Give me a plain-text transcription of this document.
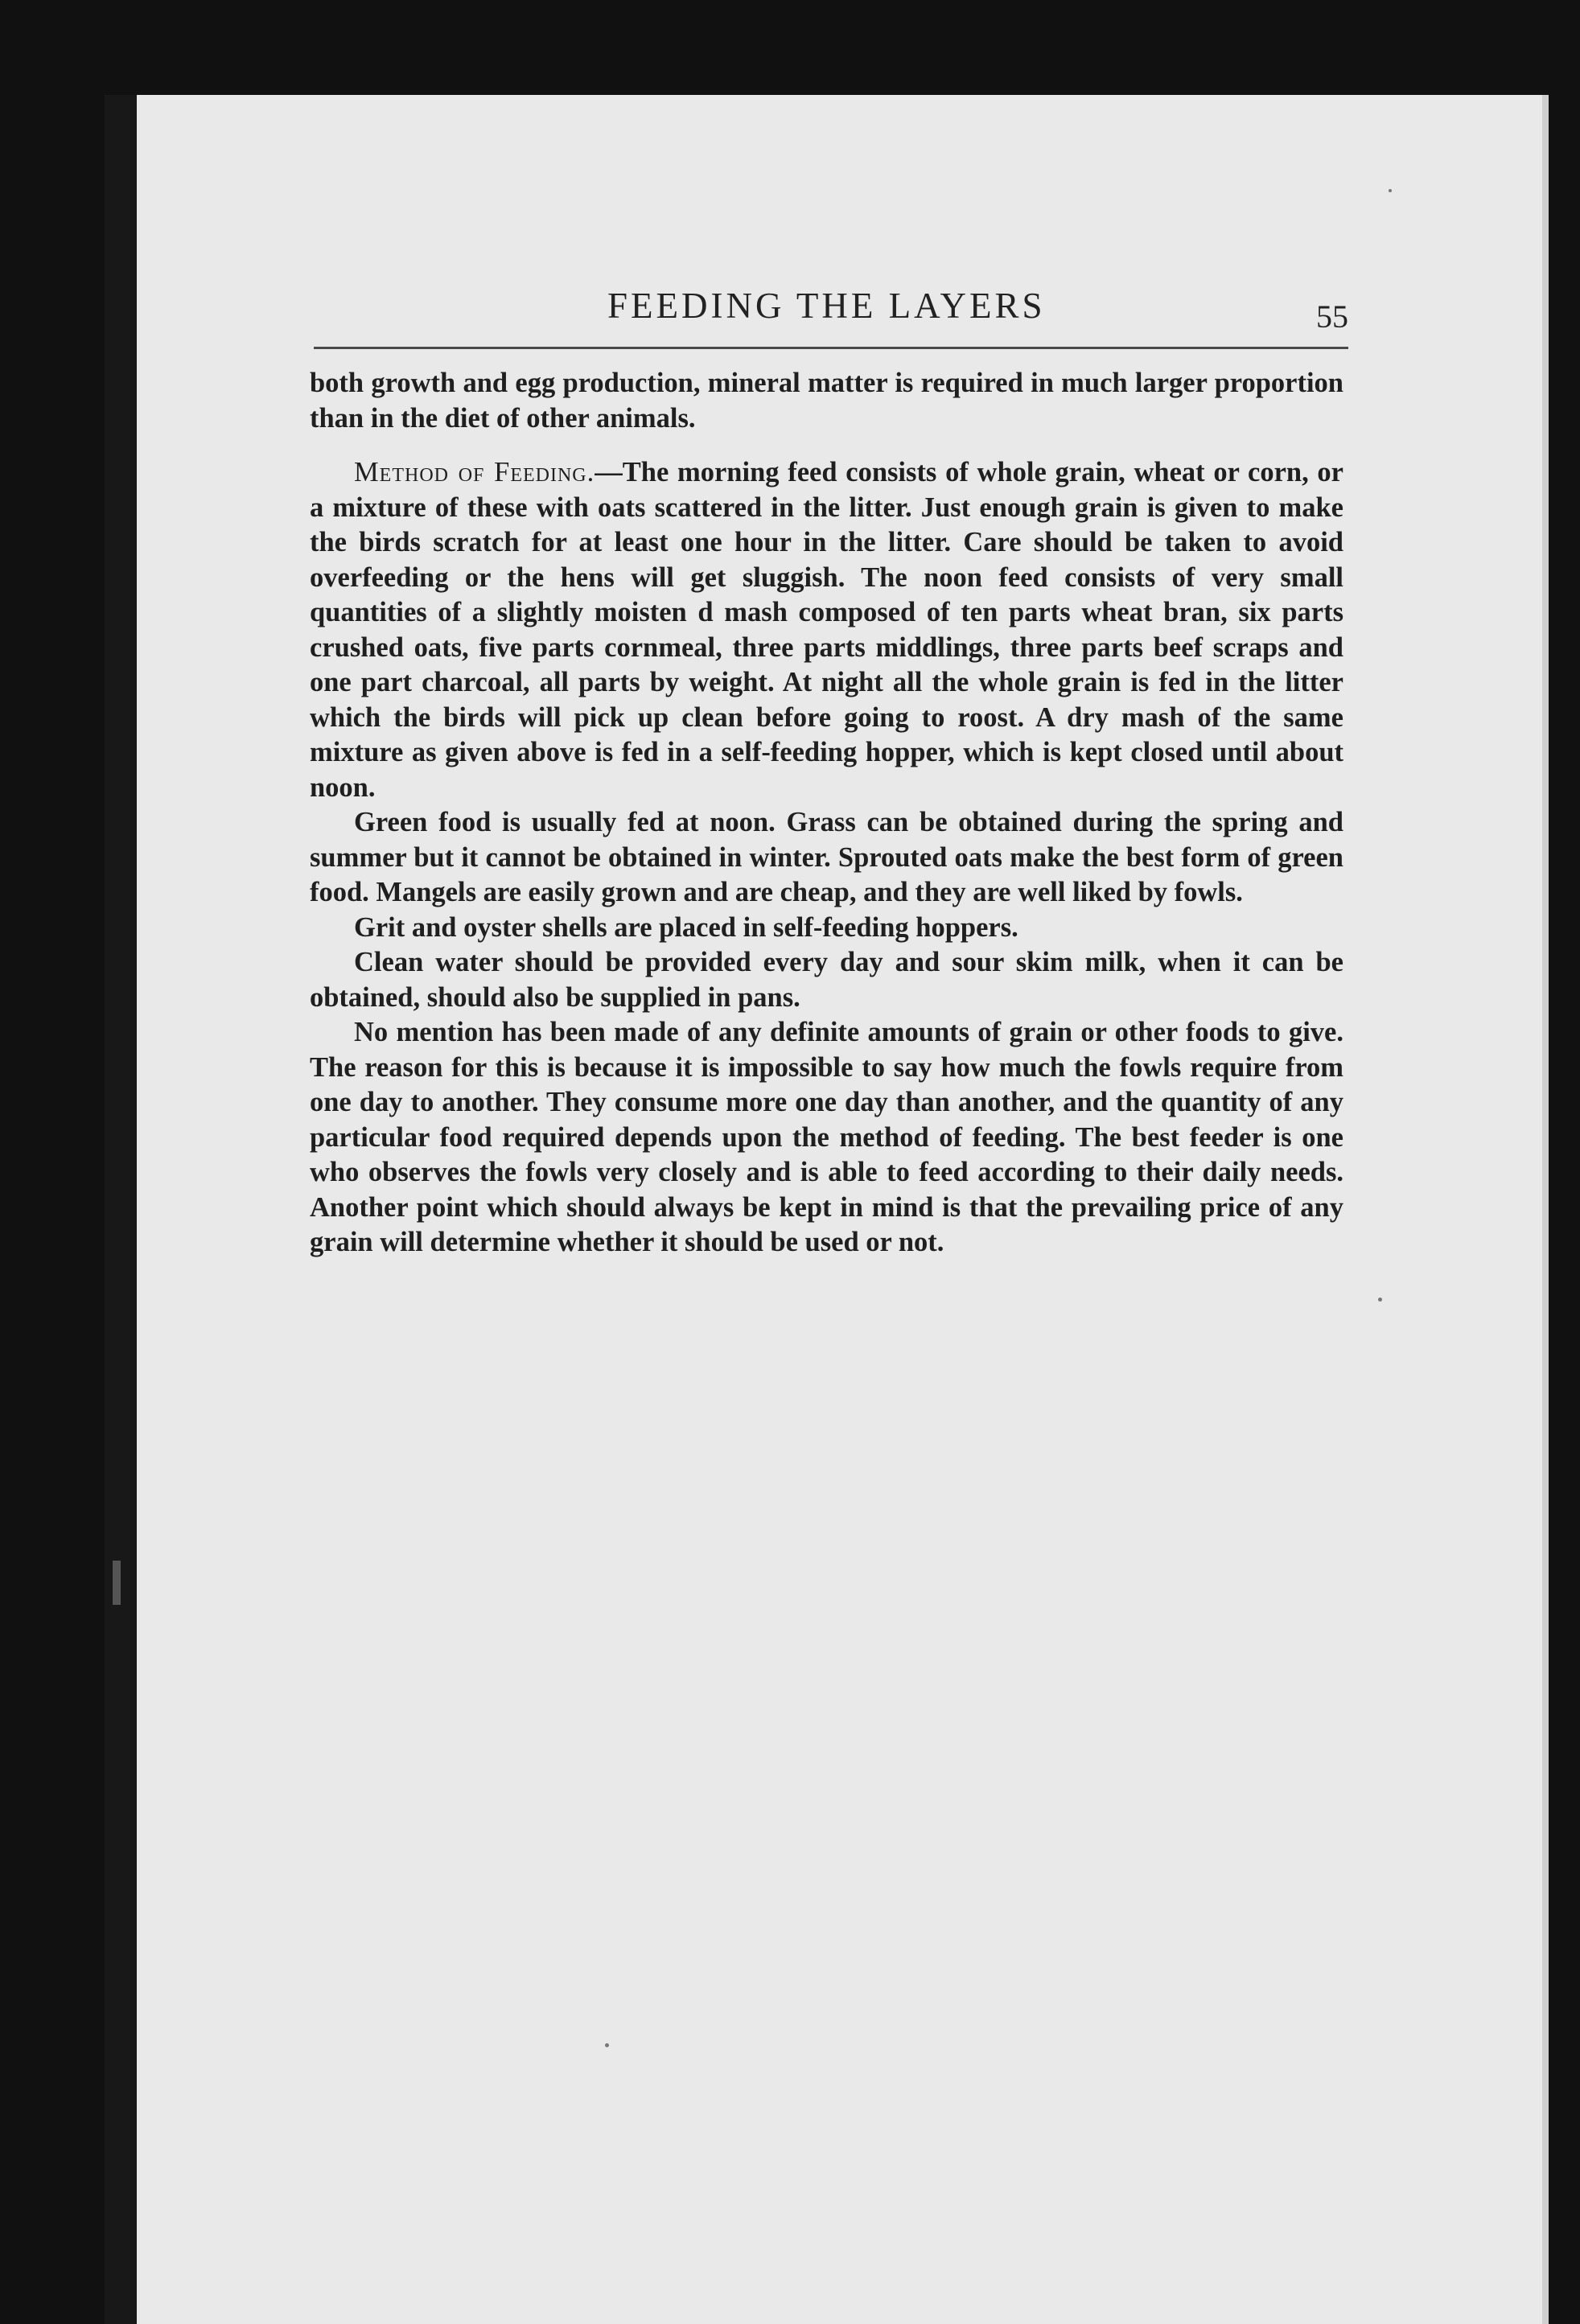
FEEDING THE LAYERS	55

both growth and egg production, mineral matter is required in much larger proportion than in the diet of other animals.

Method of Feeding.—The morning feed consists of whole grain, wheat or corn, or a mixture of these with oats scattered in the litter. Just enough grain is given to make the birds scratch for at least one hour in the litter. Care should be taken to avoid overfeeding or the hens will get sluggish. The noon feed consists of very small quantities of a slightly moisten d mash composed of ten parts wheat bran, six parts crushed oats, five parts cornmeal, three parts middlings, three parts beef scraps and one part charcoal, all parts by weight. At night all the whole grain is fed in the litter which the birds will pick up clean before going to roost. A dry mash of the same mixture as given above is fed in a self-feeding hopper, which is kept closed until about noon.

Green food is usually fed at noon. Grass can be obtained during the spring and summer but it cannot be obtained in winter. Sprouted oats make the best form of green food. Mangels are easily grown and are cheap, and they are well liked by fowls.

Grit and oyster shells are placed in self-feeding hoppers.

Clean water should be provided every day and sour skim milk, when it can be obtained, should also be supplied in pans.

No mention has been made of any definite amounts of grain or other foods to give. The reason for this is because it is impossible to say how much the fowls require from one day to another. They consume more one day than another, and the quantity of any particular food required depends upon the method of feeding. The best feeder is one who observes the fowls very closely and is able to feed according to their daily needs. Another point which should always be kept in mind is that the prevailing price of any grain will determine whether it should be used or not.
